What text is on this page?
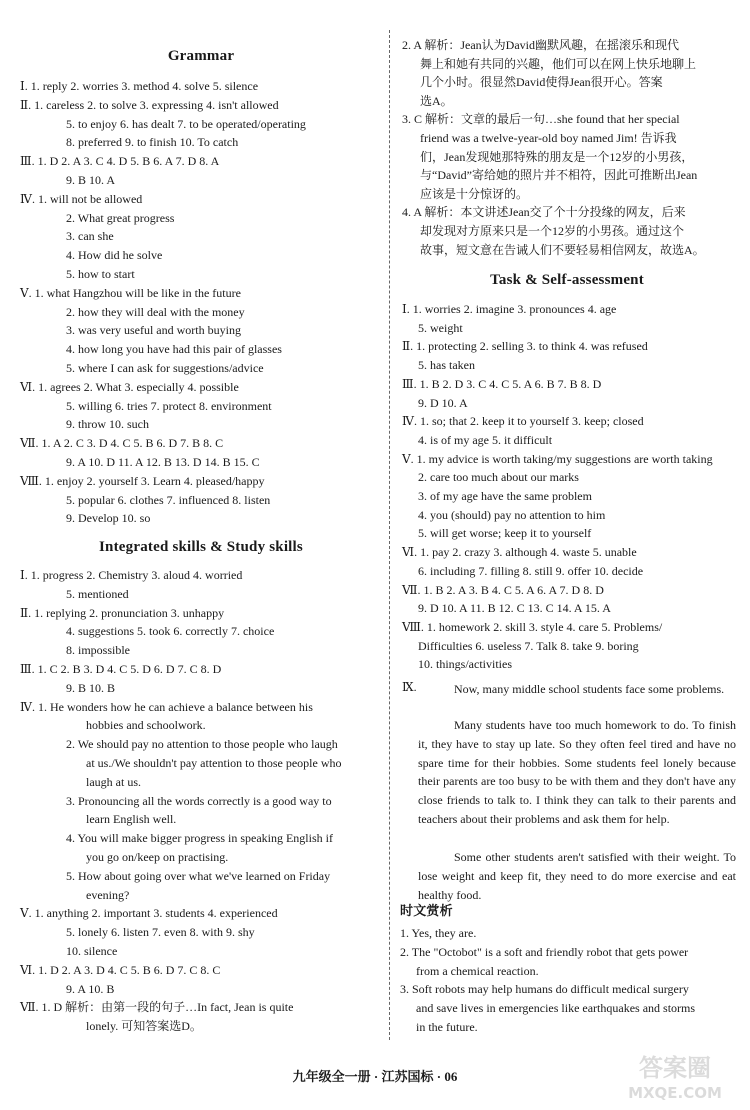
Grammar
Ⅰ. 1. reply 2. worries 3. method 4. solve 5. silence
Ⅱ. 1. careless 2. to solve 3. expressing 4. isn't allowed
5. to enjoy 6. has dealt 7. to be operated/operating
8. preferred 9. to finish 10. To catch
Ⅲ. 1. D 2. A 3. C 4. D 5. B 6. A 7. D 8. A
9. B 10. A
Ⅳ. 1. will not be allowed
2. What great progress
3. can she
4. How did he solve
5. how to start
Ⅴ. 1. what Hangzhou will be like in the future
2. how they will deal with the money
3. was very useful and worth buying
4. how long you have had this pair of glasses
5. where I can ask for suggestions/advice
Ⅵ. 1. agrees 2. What 3. especially 4. possible
5. willing 6. tries 7. protect 8. environment
9. throw 10. such
Ⅶ. 1. A 2. C 3. D 4. C 5. B 6. D 7. B 8. C
9. A 10. D 11. A 12. B 13. D 14. B 15. C
Ⅷ. 1. enjoy 2. yourself 3. Learn 4. pleased/happy
5. popular 6. clothes 7. influenced 8. listen
9. Develop 10. so
Integrated skills & Study skills
Ⅰ. 1. progress 2. Chemistry 3. aloud 4. worried
5. mentioned
Ⅱ. 1. replying 2. pronunciation 3. unhappy
4. suggestions 5. took 6. correctly 7. choice
8. impossible
Ⅲ. 1. C 2. B 3. D 4. C 5. D 6. D 7. C 8. D
9. B 10. B
Ⅳ. 1. He wonders how he can achieve a balance between his
hobbies and schoolwork.
2. We should pay no attention to those people who laugh
at us./We shouldn't pay attention to those people who
laugh at us.
3. Pronouncing all the words correctly is a good way to
learn English well.
4. You will make bigger progress in speaking English if
you go on/keep on practising.
5. How about going over what we've learned on Friday
evening?
Ⅴ. 1. anything 2. important 3. students 4. experienced
5. lonely 6. listen 7. even 8. with 9. shy
10. silence
Ⅵ. 1. D 2. A 3. D 4. C 5. B 6. D 7. C 8. C
9. A 10. B
Ⅶ. 1. D 解析：由第一段的句子…In fact, Jean is quite
lonely. 可知答案选D。
2. A 解析：Jean认为David幽默风趣，在摇滚乐和现代
舞上和她有共同的兴趣，他们可以在网上快乐地聊上
几个小时。很显然David使得Jean很开心。答案
选A。
3. C 解析：文章的最后一句…she found that her special
friend was a twelve-year-old boy named Jim! 告诉我
们，Jean发现她那特殊的朋友是一个12岁的小男孩，
与“David”寄给她的照片并不相符，因此可推断出Jean
应该是十分惊讶的。
4. A 解析：本文讲述Jean交了个十分投缘的网友，后来
却发现对方原来只是一个12岁的小男孩。通过这个
故事，短文意在告诫人们不要轻易相信网友，故选A。
Task & Self-assessment
Ⅰ. 1. worries 2. imagine 3. pronounces 4. age
5. weight
Ⅱ. 1. protecting 2. selling 3. to think 4. was refused
5. has taken
Ⅲ. 1. B 2. D 3. C 4. C 5. A 6. B 7. B 8. D
9. D 10. A
Ⅳ. 1. so; that 2. keep it to yourself 3. keep; closed
4. is of my age 5. it difficult
Ⅴ. 1. my advice is worth taking/my suggestions are worth taking
2. care too much about our marks
3. of my age have the same problem
4. you (should) pay no attention to him
5. will get worse; keep it to yourself
Ⅵ. 1. pay 2. crazy 3. although 4. waste 5. unable
6. including 7. filling 8. still 9. offer 10. decide
Ⅶ. 1. B 2. A 3. B 4. C 5. A 6. A 7. D 8. D
9. D 10. A 11. B 12. C 13. C 14. A 15. A
Ⅷ. 1. homework 2. skill 3. style 4. care 5. Problems/
Difficulties 6. useless 7. Talk 8. take 9. boring
10. things/activities
Ⅸ.	Now, many middle school students face some problems.
Many students have too much homework to do. To finish it, they have to stay up late. So they often feel tired and have no spare time for their hobbies. Some students feel lonely because their parents are too busy to be with them and they don't have any close friends to talk to. I think they can talk to their parents and teachers about their problems and ask them for help.
Some other students aren't satisfied with their weight. To lose weight and keep fit, they need to do more exercise and eat healthy food.
时文赏析
1. Yes, they are.
2. The "Octobot" is a soft and friendly robot that gets power
from a chemical reaction.
3. Soft robots may help humans do difficult medical surgery
and save lives in emergencies like earthquakes and storms
in the future.
九年级全一册 · 江苏国标 · 06	答案圈
MXQE.COM
